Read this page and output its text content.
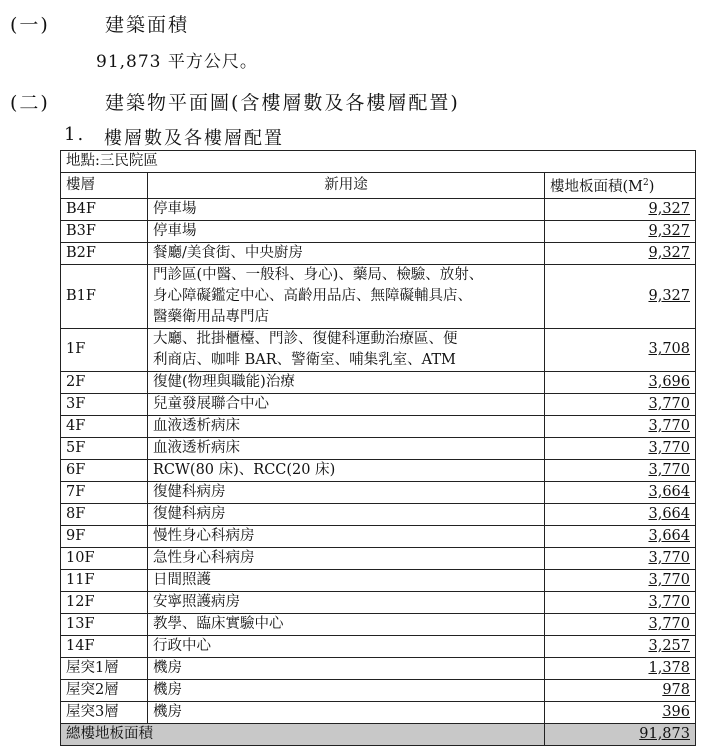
(一)	建築面積
91,873 平方公尺。
(二)	建築物平面圖(含樓層數及各樓層配置)
1. 樓層數及各樓層配置
地點:三民院區		
樓層	新用途	樓地板面積$(M^2)$
B4F	停車場	9,327
B3F	停車場	9,327
B2F	餐廳/美食街、中央廚房	9,327
B1F	門診區(中醫、一般科、身心)、藥局、檢驗、放射、
身心障礙鑑定中心、高齡用品店、無障礙輔具店、
醫藥衛用品專門店	9,327
1F	大廳、批掛櫃檯、門診、復健科運動治療區、便
利商店、咖啡 BAR、警衛室、哺集乳室、ATM	3,708
2F	復健(物理與職能)治療	3,696
3F	兒童發展聯合中心	3,770
4F	血液透析病床	3,770
5F	血液透析病床	3,770
6F	RCW(80 床)、RCC(20 床)	3,770
7F	復健科病房	3,664
8F	復健科病房	3,664
9F	慢性身心科病房	3,664
10F	急性身心科病房	3,770
11F	日間照護	3,770
12F	安寧照護病房	3,770
13F	教學、臨床實驗中心	3,770
14F	行政中心	3,257
屋突1層	機房	1,378
屋突2層	機房	978
屋突3層	機房	396
總樓地板面積		91,873
